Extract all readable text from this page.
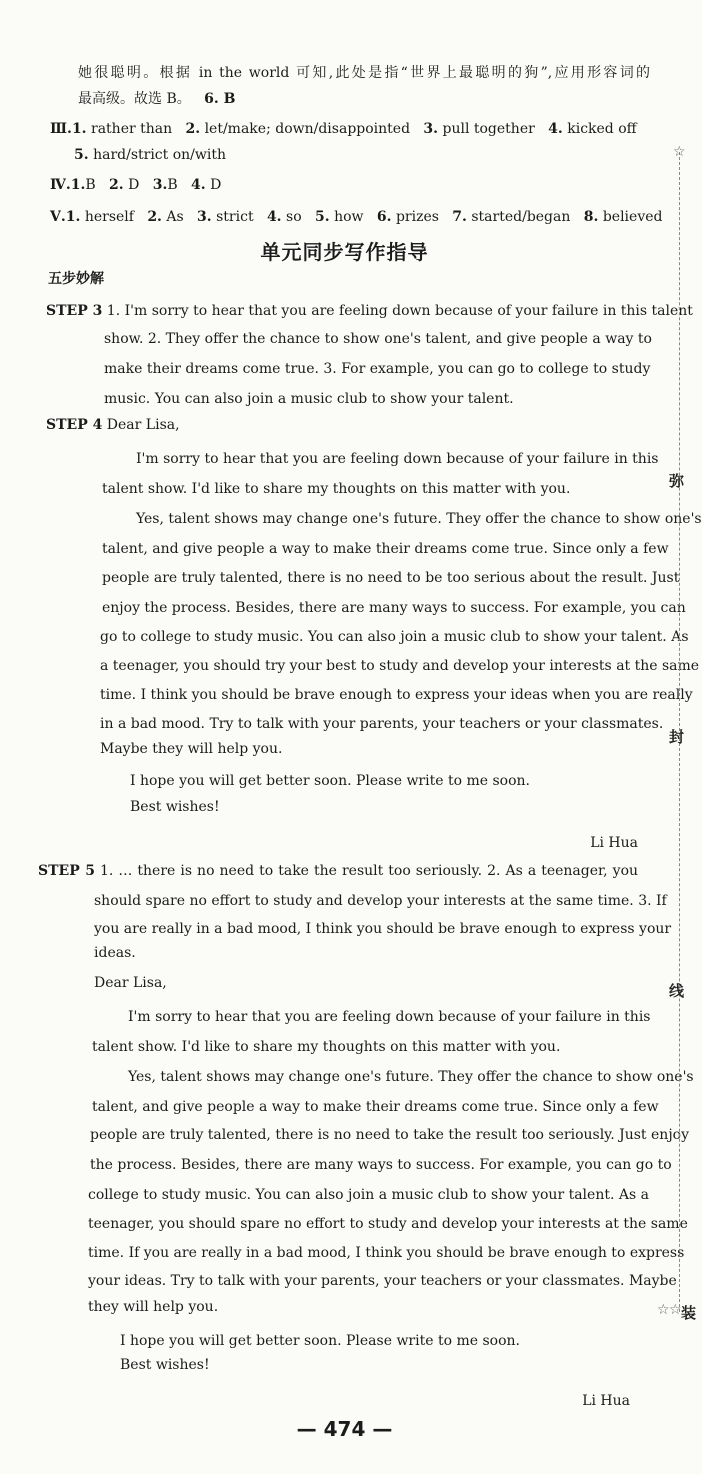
她很聪明。根据 in the world 可知,此处是指“世界上最聪明的狗”,应用形容词的

最高级。故选 B。 6. B

Ⅲ.1. rather than 2. let/make; down/disappointed 3. pull together 4. kicked off

5. hard/strict on/with

Ⅳ.1.B 2. D 3.B 4. D

Ⅴ.1. herself 2. As 3. strict 4. so 5. how 6. prizes 7. started/began 8. believed

单元同步写作指导
五步妙解

STEP 3 1. I'm sorry to hear that you are feeling down because of your failure in this talent

show. 2. They offer the chance to show one's talent, and give people a way to

make their dreams come true. 3. For example, you can go to college to study

music. You can also join a music club to show your talent.

STEP 4 Dear Lisa,

I'm sorry to hear that you are feeling down because of your failure in this

talent show. I'd like to share my thoughts on this matter with you.

Yes, talent shows may change one's future. They offer the chance to show one's

talent, and give people a way to make their dreams come true. Since only a few

people are truly talented, there is no need to be too serious about the result. Just

enjoy the process. Besides, there are many ways to success. For example, you can

go to college to study music. You can also join a music club to show your talent. As

a teenager, you should try your best to study and develop your interests at the same

time. I think you should be brave enough to express your ideas when you are really

in a bad mood. Try to talk with your parents, your teachers or your classmates.

Maybe they will help you.

I hope you will get better soon. Please write to me soon.

Best wishes!

Li Hua

STEP 5 1. … there is no need to take the result too seriously. 2. As a teenager, you

should spare no effort to study and develop your interests at the same time. 3. If

you are really in a bad mood, I think you should be brave enough to express your

ideas.

Dear Lisa,

I'm sorry to hear that you are feeling down because of your failure in this

talent show. I'd like to share my thoughts on this matter with you.

Yes, talent shows may change one's future. They offer the chance to show one's

talent, and give people a way to make their dreams come true. Since only a few

people are truly talented, there is no need to take the result too seriously. Just enjoy

the process. Besides, there are many ways to success. For example, you can go to

college to study music. You can also join a music club to show your talent. As a

teenager, you should spare no effort to study and develop your interests at the same

time. If you are really in a bad mood, I think you should be brave enough to express

your ideas. Try to talk with your parents, your teachers or your classmates. Maybe

they will help you.

I hope you will get better soon. Please write to me soon.

Best wishes!

Li Hua

— 474 —
☆
弥
封
线
☆ ☆ 装
